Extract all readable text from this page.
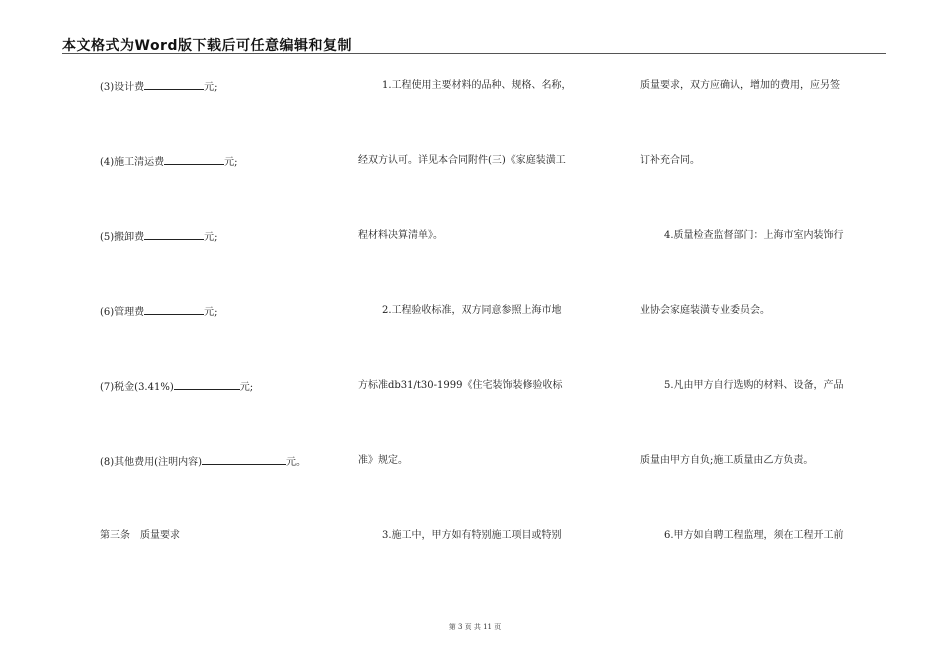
本文格式为Word版下载后可任意编辑和复制
(3)设计费	元;
(4)施工清运费	元;
(5)搬卸费	元;
(6)管理费	元;
(7)税金(3.41%)	元;
(8)其他费用(注明内容)	元。
第三条　质量要求
1.工程使用主要材料的品种、规格、名称，
经双方认可。详见本合同附件(三)《家庭装潢工
程材料决算清单》。
2.工程验收标准，双方同意参照上海市地
方标准db31/t30-1999《住宅装饰装修验收标
准》规定。
3.施工中，甲方如有特别施工项目或特别
质量要求，双方应确认，增加的费用，应另签
订补充合同。
4.质量检查监督部门：上海市室内装饰行
业协会家庭装潢专业委员会。
5.凡由甲方自行选购的材料、设备，产品
质量由甲方自负;施工质量由乙方负责。
6.甲方如自聘工程监理，须在工程开工前
第 3 页 共 11 页
